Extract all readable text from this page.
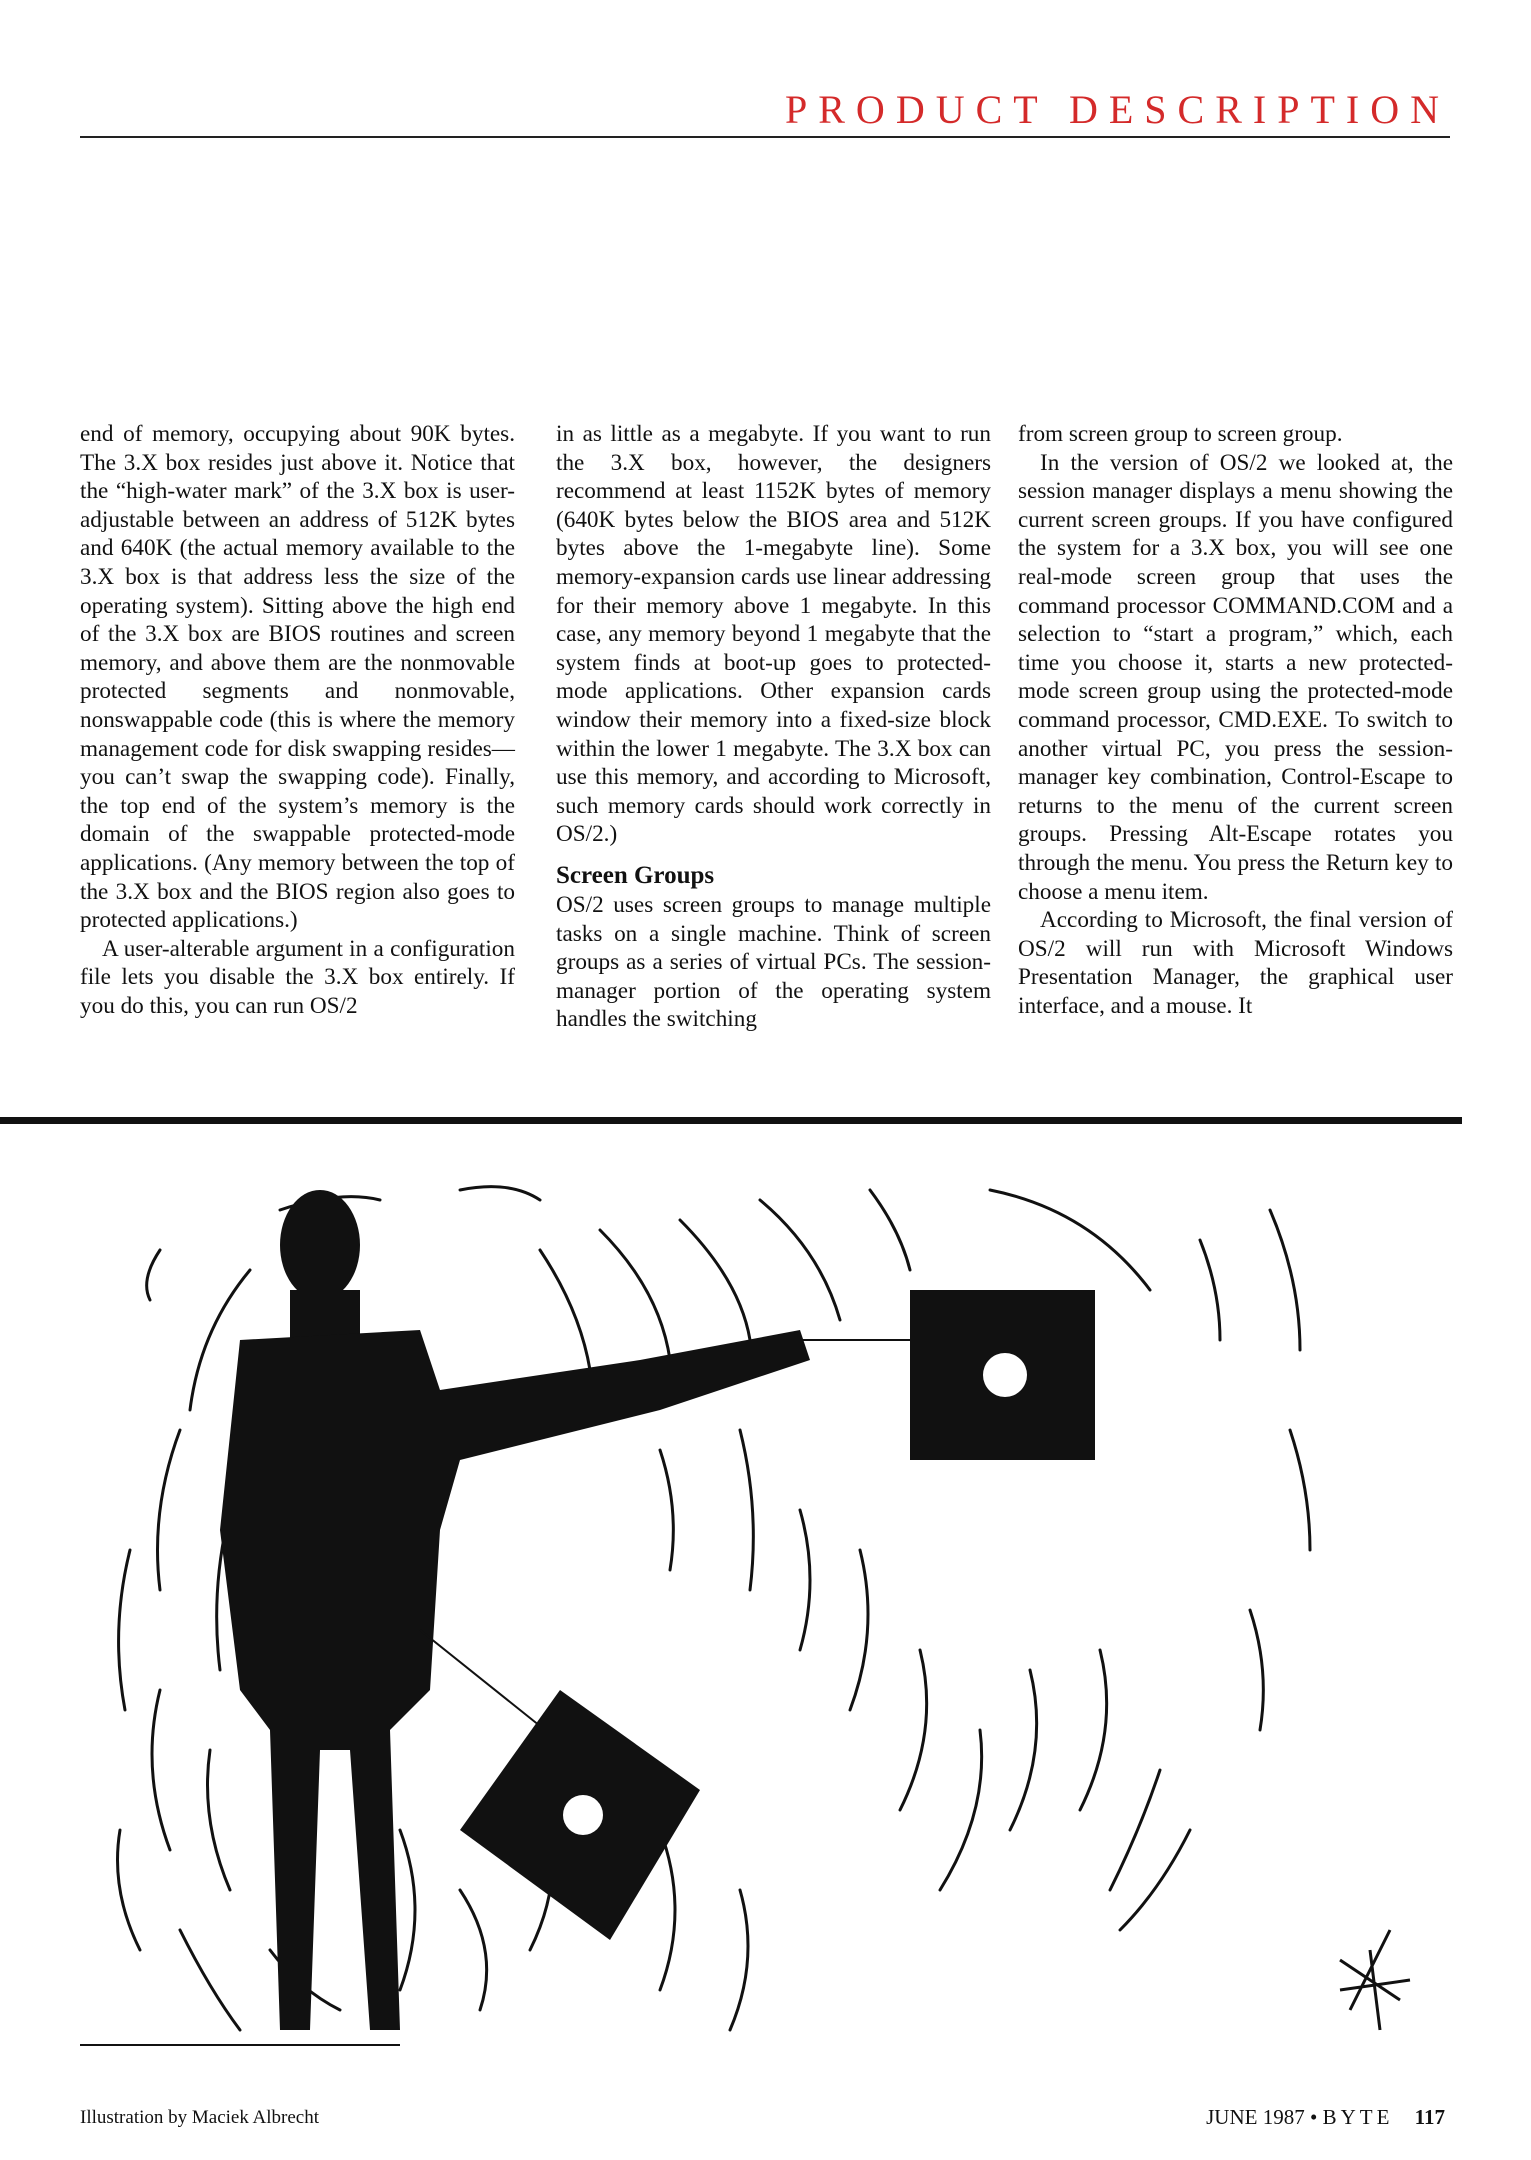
PRODUCT DESCRIPTION

end of memory, occupying about 90K bytes. The 3.X box resides just above it. Notice that the “high-water mark” of the 3.X box is user-adjustable between an address of 512K bytes and 640K (the actual memory available to the 3.X box is that address less the size of the operating system). Sitting above the high end of the 3.X box are BIOS routines and screen memory, and above them are the nonmovable protected segments and nonmovable, nonswappable code (this is where the memory management code for disk swapping resides—you can’t swap the swapping code). Finally, the top end of the system’s memory is the domain of the swappable protected-mode applications. (Any memory between the top of the 3.X box and the BIOS region also goes to protected applications.)

A user-alterable argument in a configuration file lets you disable the 3.X box entirely. If you do this, you can run OS/2

in as little as a megabyte. If you want to run the 3.X box, however, the designers recommend at least 1152K bytes of memory (640K bytes below the BIOS area and 512K bytes above the 1-megabyte line). Some memory-expansion cards use linear addressing for their memory above 1 megabyte. In this case, any memory beyond 1 megabyte that the system finds at boot-up goes to protected-mode applications. Other expansion cards window their memory into a fixed-size block within the lower 1 megabyte. The 3.X box can use this memory, and according to Microsoft, such memory cards should work correctly in OS/2.)

Screen Groups

OS/2 uses screen groups to manage multiple tasks on a single machine. Think of screen groups as a series of virtual PCs. The session-manager portion of the operating system handles the switching

from screen group to screen group.

In the version of OS/2 we looked at, the session manager displays a menu showing the current screen groups. If you have configured the system for a 3.X box, you will see one real-mode screen group that uses the command processor COMMAND.COM and a selection to “start a program,” which, each time you choose it, starts a new protected-mode screen group using the protected-mode command processor, CMD.EXE. To switch to another virtual PC, you press the session-manager key combination, Control-Escape to returns to the menu of the current screen groups. Pressing Alt-Escape rotates you through the menu. You press the Return key to choose a menu item.

According to Microsoft, the final version of OS/2 will run with Microsoft Windows Presentation Manager, the graphical user interface, and a mouse. It

Illustration by Maciek Albrecht	JUNE 1987 • BYTE 117
